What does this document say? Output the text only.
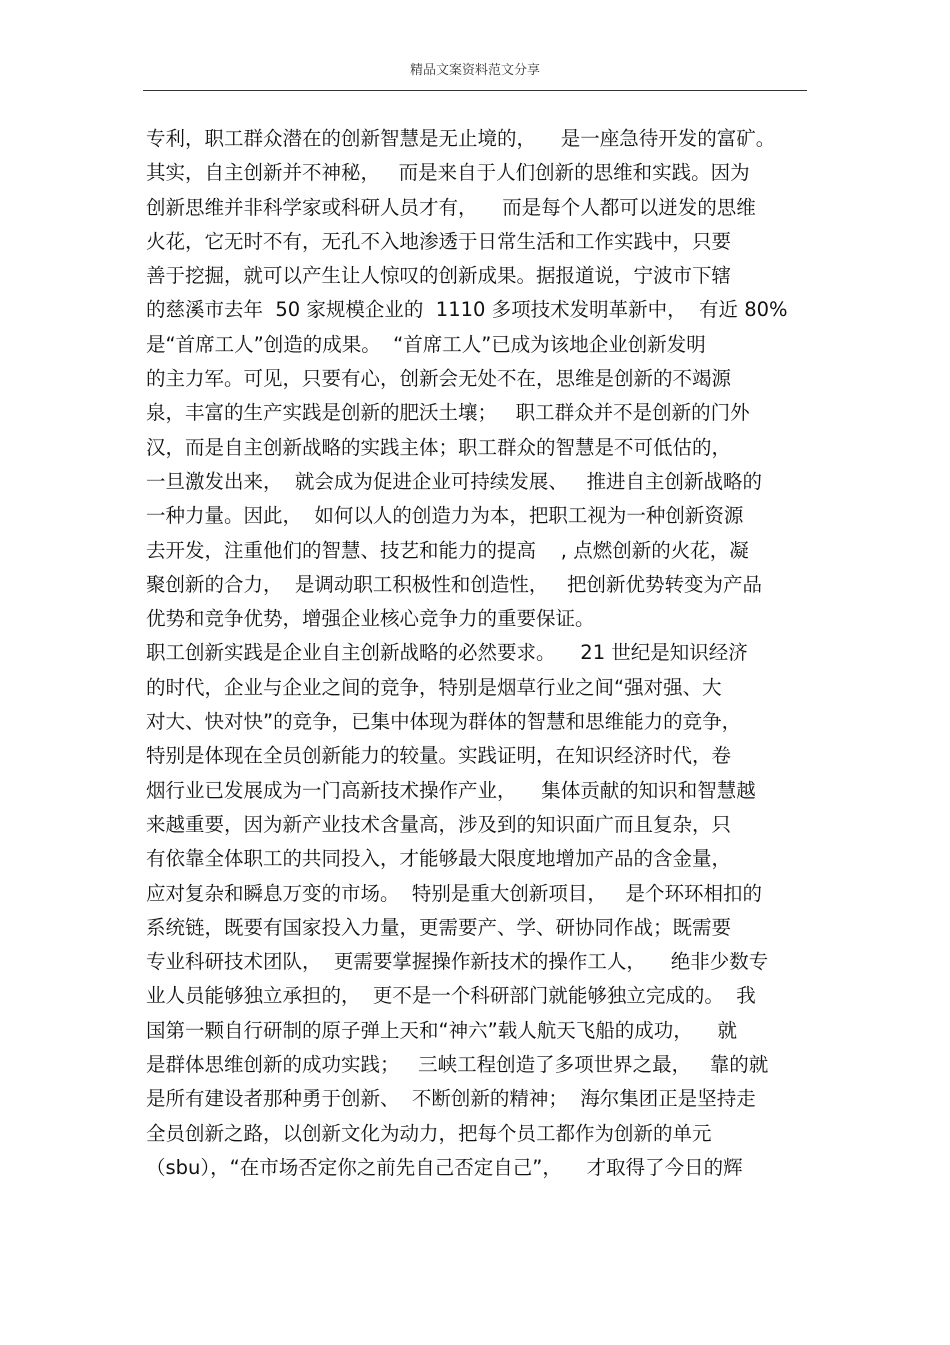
精品文案资料范文分享
专利，职工群众潜在的创新智慧是无止境的，    是一座急待开发的富矿。
其实，自主创新并不神秘，   而是来自于人们创新的思维和实践。因为
创新思维并非科学家或科研人员才有，    而是每个人都可以迸发的思维
火花，它无时不有，无孔不入地渗透于日常生活和工作实践中，只要
善于挖掘，就可以产生让人惊叹的创新成果。据报道说，宁波市下辖
的慈溪市去年  50 家规模企业的  1110 多项技术发明革新中，  有近 80%
是“首席工人”创造的成果。  “首席工人”已成为该地企业创新发明
的主力军。可见，只要有心，创新会无处不在，思维是创新的不竭源
泉，丰富的生产实践是创新的肥沃土壤；   职工群众并不是创新的门外
汉，而是自主创新战略的实践主体；职工群众的智慧是不可低估的，
一旦激发出来，  就会成为促进企业可持续发展、   推进自主创新战略的
一种力量。因此，  如何以人的创造力为本，把职工视为一种创新资源
去开发，注重他们的智慧、技艺和能力的提高    , 点燃创新的火花，凝
聚创新的合力，  是调动职工积极性和创造性，   把创新优势转变为产品
优势和竞争优势，增强企业核心竞争力的重要保证。
职工创新实践是企业自主创新战略的必然要求。    21 世纪是知识经济
的时代，企业与企业之间的竞争，特别是烟草行业之间“强对强、大
对大、快对快”的竞争，已集中体现为群体的智慧和思维能力的竞争，
特别是体现在全员创新能力的较量。实践证明，在知识经济时代，卷
烟行业已发展成为一门高新技术操作产业，    集体贡献的知识和智慧越
来越重要，因为新产业技术含量高，涉及到的知识面广而且复杂，只
有依靠全体职工的共同投入，才能够最大限度地增加产品的含金量，
应对复杂和瞬息万变的市场。  特别是重大创新项目，   是个环环相扣的
系统链，既要有国家投入力量，更需要产、学、研协同作战；既需要
专业科研技术团队，  更需要掌握操作新技术的操作工人，    绝非少数专
业人员能够独立承担的，  更不是一个科研部门就能够独立完成的。  我
国第一颗自行研制的原子弹上天和“神六”载人航天飞船的成功，    就
是群体思维创新的成功实践；   三峡工程创造了多项世界之最，   靠的就
是所有建设者那种勇于创新、  不断创新的精神；  海尔集团正是坚持走
全员创新之路，以创新文化为动力，把每个员工都作为创新的单元
（sbu），“在市场否定你之前先自己否定自己”，    才取得了今日的辉
